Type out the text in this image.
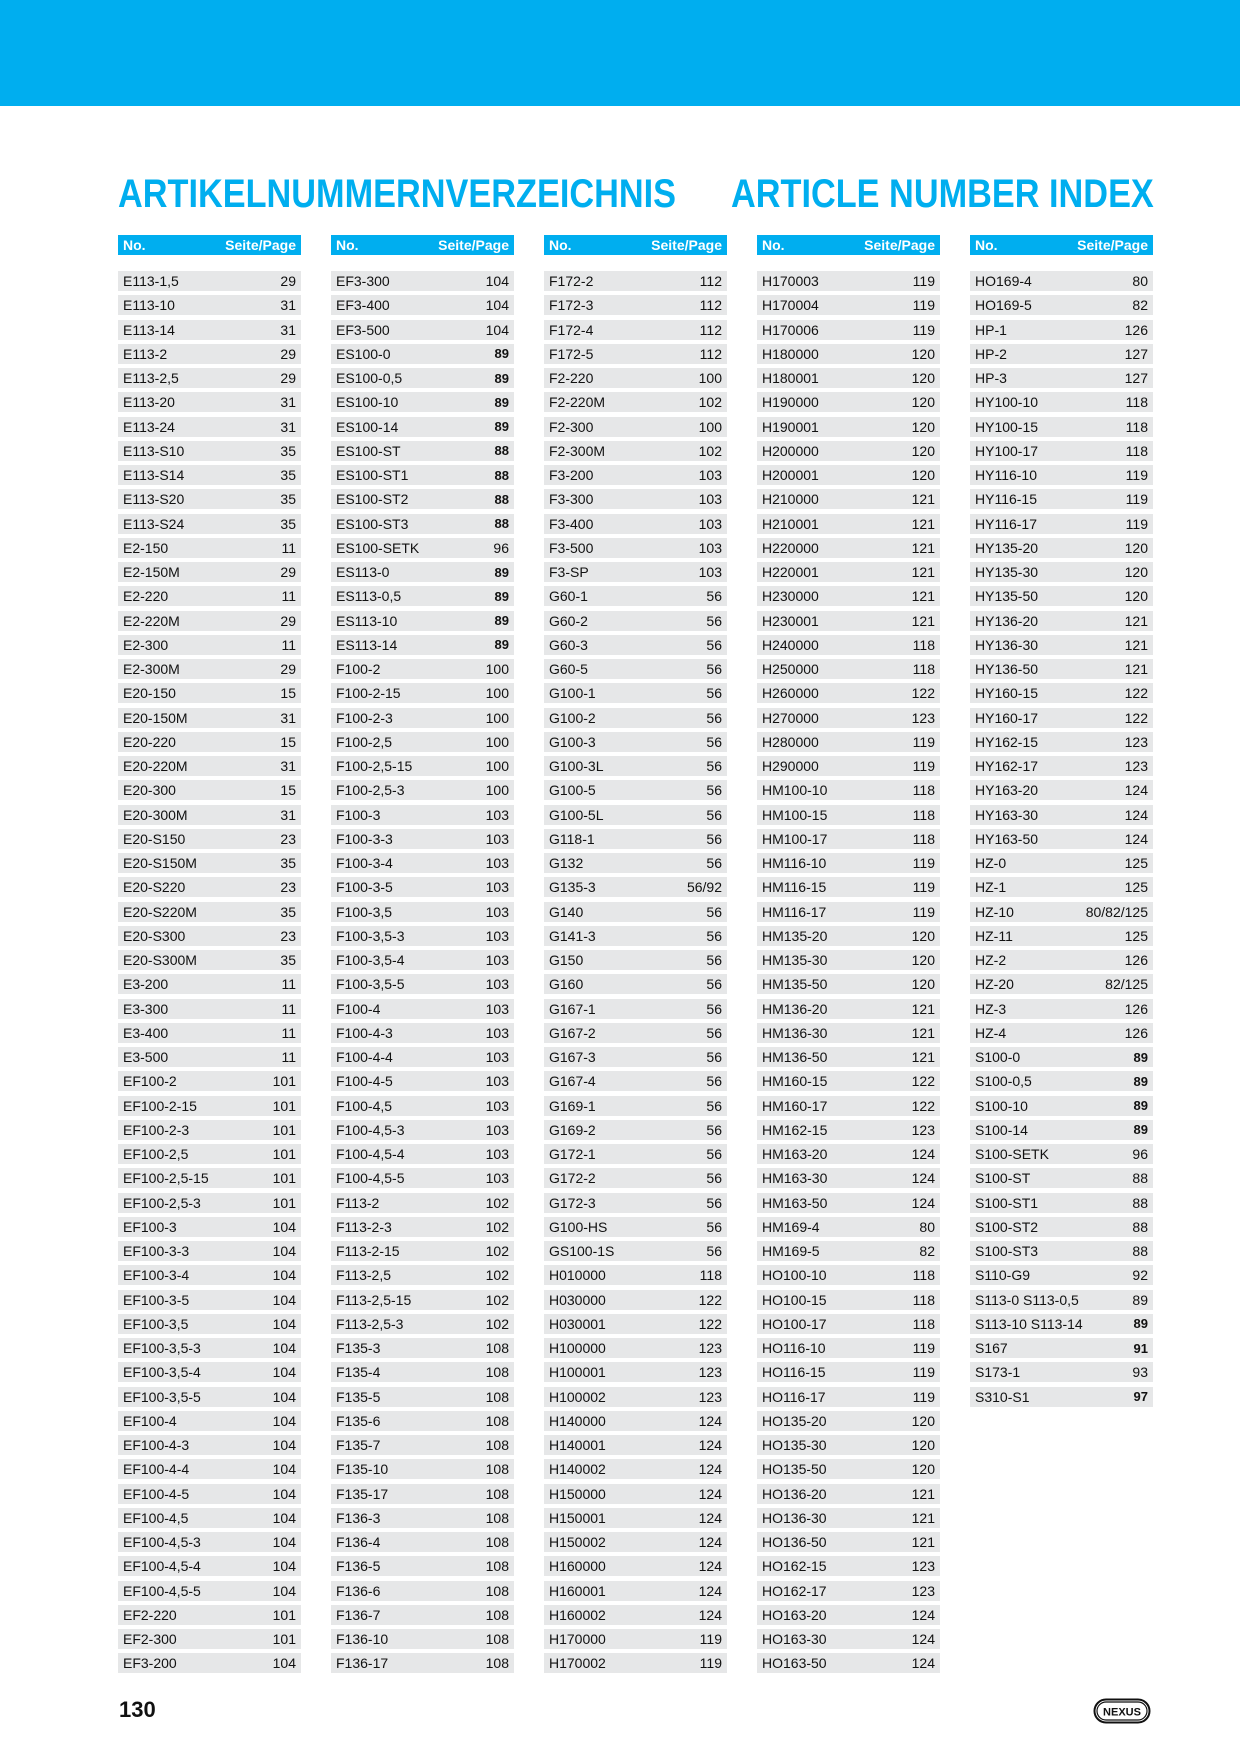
ARTIKELNUMMERNVERZEICHNIS ARTICLE NUMBER INDEX
No.	Seite/Page
E113-1,5	29
E113-10	31
E113-14	31
E113-2	29
E113-2,5	29
E113-20	31
E113-24	31
E113-S10	35
E113-S14	35
E113-S20	35
E113-S24	35
E2-150	11
E2-150M	29
E2-220	11
E2-220M	29
E2-300	11
E2-300M	29
E20-150	15
E20-150M	31
E20-220	15
E20-220M	31
E20-300	15
E20-300M	31
E20-S150	23
E20-S150M	35
E20-S220	23
E20-S220M	35
E20-S300	23
E20-S300M	35
E3-200	11
E3-300	11
E3-400	11
E3-500	11
EF100-2	101
EF100-2-15	101
EF100-2-3	101
EF100-2,5	101
EF100-2,5-15	101
EF100-2,5-3	101
EF100-3	104
EF100-3-3	104
EF100-3-4	104
EF100-3-5	104
EF100-3,5	104
EF100-3,5-3	104
EF100-3,5-4	104
EF100-3,5-5	104
EF100-4	104
EF100-4-3	104
EF100-4-4	104
EF100-4-5	104
EF100-4,5	104
EF100-4,5-3	104
EF100-4,5-4	104
EF100-4,5-5	104
EF2-220	101
EF2-300	101
EF3-200	104
No.	Seite/Page
EF3-300	104
EF3-400	104
EF3-500	104
ES100-0	89
ES100-0,5	89
ES100-10	89
ES100-14	89
ES100-ST	88
ES100-ST1	88
ES100-ST2	88
ES100-ST3	88
ES100-SETK	96
ES113-0	89
ES113-0,5	89
ES113-10	89
ES113-14	89
F100-2	100
F100-2-15	100
F100-2-3	100
F100-2,5	100
F100-2,5-15	100
F100-2,5-3	100
F100-3	103
F100-3-3	103
F100-3-4	103
F100-3-5	103
F100-3,5	103
F100-3,5-3	103
F100-3,5-4	103
F100-3,5-5	103
F100-4	103
F100-4-3	103
F100-4-4	103
F100-4-5	103
F100-4,5	103
F100-4,5-3	103
F100-4,5-4	103
F100-4,5-5	103
F113-2	102
F113-2-3	102
F113-2-15	102
F113-2,5	102
F113-2,5-15	102
F113-2,5-3	102
F135-3	108
F135-4	108
F135-5	108
F135-6	108
F135-7	108
F135-10	108
F135-17	108
F136-3	108
F136-4	108
F136-5	108
F136-6	108
F136-7	108
F136-10	108
F136-17	108
No.	Seite/Page
F172-2	112
F172-3	112
F172-4	112
F172-5	112
F2-220	100
F2-220M	102
F2-300	100
F2-300M	102
F3-200	103
F3-300	103
F3-400	103
F3-500	103
F3-SP	103
G60-1	56
G60-2	56
G60-3	56
G60-5	56
G100-1	56
G100-2	56
G100-3	56
G100-3L	56
G100-5	56
G100-5L	56
G118-1	56
G132	56
G135-3	56/92
G140	56
G141-3	56
G150	56
G160	56
G167-1	56
G167-2	56
G167-3	56
G167-4	56
G169-1	56
G169-2	56
G172-1	56
G172-2	56
G172-3	56
G100-HS	56
GS100-1S	56
H010000	118
H030000	122
H030001	122
H100000	123
H100001	123
H100002	123
H140000	124
H140001	124
H140002	124
H150000	124
H150001	124
H150002	124
H160000	124
H160001	124
H160002	124
H170000	119
H170002	119
No.	Seite/Page
H170003	119
H170004	119
H170006	119
H180000	120
H180001	120
H190000	120
H190001	120
H200000	120
H200001	120
H210000	121
H210001	121
H220000	121
H220001	121
H230000	121
H230001	121
H240000	118
H250000	118
H260000	122
H270000	123
H280000	119
H290000	119
HM100-10	118
HM100-15	118
HM100-17	118
HM116-10	119
HM116-15	119
HM116-17	119
HM135-20	120
HM135-30	120
HM135-50	120
HM136-20	121
HM136-30	121
HM136-50	121
HM160-15	122
HM160-17	122
HM162-15	123
HM163-20	124
HM163-30	124
HM163-50	124
HM169-4	80
HM169-5	82
HO100-10	118
HO100-15	118
HO100-17	118
HO116-10	119
HO116-15	119
HO116-17	119
HO135-20	120
HO135-30	120
HO135-50	120
HO136-20	121
HO136-30	121
HO136-50	121
HO162-15	123
HO162-17	123
HO163-20	124
HO163-30	124
HO163-50	124
No.	Seite/Page
HO169-4	80
HO169-5	82
HP-1	126
HP-2	127
HP-3	127
HY100-10	118
HY100-15	118
HY100-17	118
HY116-10	119
HY116-15	119
HY116-17	119
HY135-20	120
HY135-30	120
HY135-50	120
HY136-20	121
HY136-30	121
HY136-50	121
HY160-15	122
HY160-17	122
HY162-15	123
HY162-17	123
HY163-20	124
HY163-30	124
HY163-50	124
HZ-0	125
HZ-1	125
HZ-10	80/82/125
HZ-11	125
HZ-2	126
HZ-20	82/125
HZ-3	126
HZ-4	126
S100-0	89
S100-0,5	89
S100-10	89
S100-14	89
S100-SETK	96
S100-ST	88
S100-ST1	88
S100-ST2	88
S100-ST3	88
S110-G9	92
S113-0 S113-0,5	89
S113-10 S113-14	89
S167	91
S173-1	93
S310-S1	97
130	NEXUS
